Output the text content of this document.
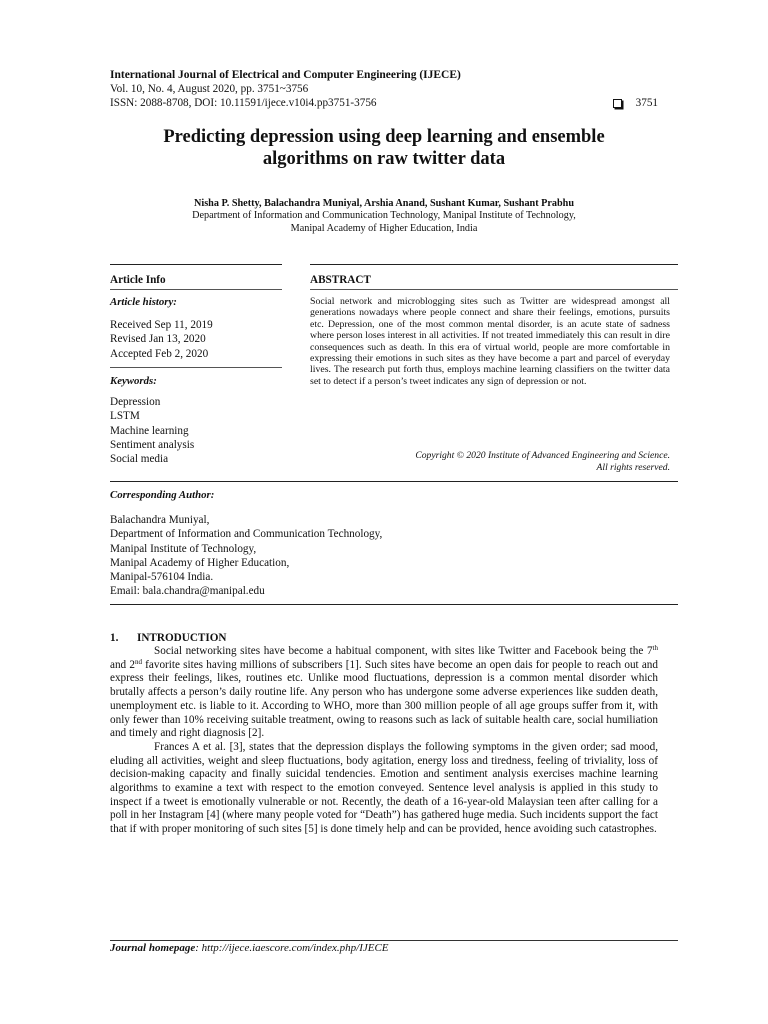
International Journal of Electrical and Computer Engineering (IJECE)
Vol. 10, No. 4, August 2020, pp. 3751~3756
ISSN: 2088-8708, DOI: 10.11591/ijece.v10i4.pp3751-3756	3751
Predicting depression using deep learning and ensemble
algorithms on raw twitter data
Nisha P. Shetty, Balachandra Muniyal, Arshia Anand, Sushant Kumar, Sushant Prabhu
Department of Information and Communication Technology, Manipal Institute of Technology,
Manipal Academy of Higher Education, India
Article Info
Article history:
Received Sep 11, 2019
Revised Jan 13, 2020
Accepted Feb 2, 2020
Keywords:
Depression
LSTM
Machine learning
Sentiment analysis
Social media
ABSTRACT
Social network and microblogging sites such as Twitter are widespread amongst all generations nowadays where people connect and share their feelings, emotions, pursuits etc. Depression, one of the most common mental disorder, is an acute state of sadness where person loses interest in all activities. If not treated immediately this can result in dire consequences such as death. In this era of virtual world, people are more comfortable in expressing their emotions in such sites as they have become a part and parcel of everyday lives. The research put forth thus, employs machine learning classifiers on the twitter data set to detect if a person’s tweet indicates any sign of depression or not.
Copyright © 2020 Institute of Advanced Engineering and Science.
All rights reserved.
Corresponding Author:
Balachandra Muniyal,
Department of Information and Communication Technology,
Manipal Institute of Technology,
Manipal Academy of Higher Education,
Manipal-576104 India.
Email: bala.chandra@manipal.edu
1. INTRODUCTION

Social networking sites have become a habitual component, with sites like Twitter and Facebook being the 7th and 2nd favorite sites having millions of subscribers [1]. Such sites have become an open dais for people to reach out and express their feelings, likes, routines etc. Unlike mood fluctuations, depression is a common mental disorder which brutally affects a person’s daily routine life. Any person who has undergone some adverse experiences like sudden death, unemployment etc. is liable to it. According to WHO, more than 300 million people of all age groups suffer from it, with only fewer than 10% receiving suitable treatment, owing to reasons such as lack of suitable health care, social humiliation and timely and right diagnosis [2].

Frances A et al. [3], states that the depression displays the following symptoms in the given order; sad mood, eluding all activities, weight and sleep fluctuations, body agitation, energy loss and tiredness, feeling of triviality, loss of decision-making capacity and finally suicidal tendencies. Emotion and sentiment analysis exercises machine learning algorithms to examine a text with respect to the emotion conveyed. Sentence level analysis is applied in this study to inspect if a tweet is emotionally vulnerable or not. Recently, the death of a 16-year-old Malaysian teen after calling for a poll in her Instagram [4] (where many people voted for “Death”) has gathered huge media. Such incidents support the fact that if with proper monitoring of such sites [5] is done timely help and can be provided, hence avoiding such catastrophes.

Journal homepage: http://ijece.iaescore.com/index.php/IJECE
